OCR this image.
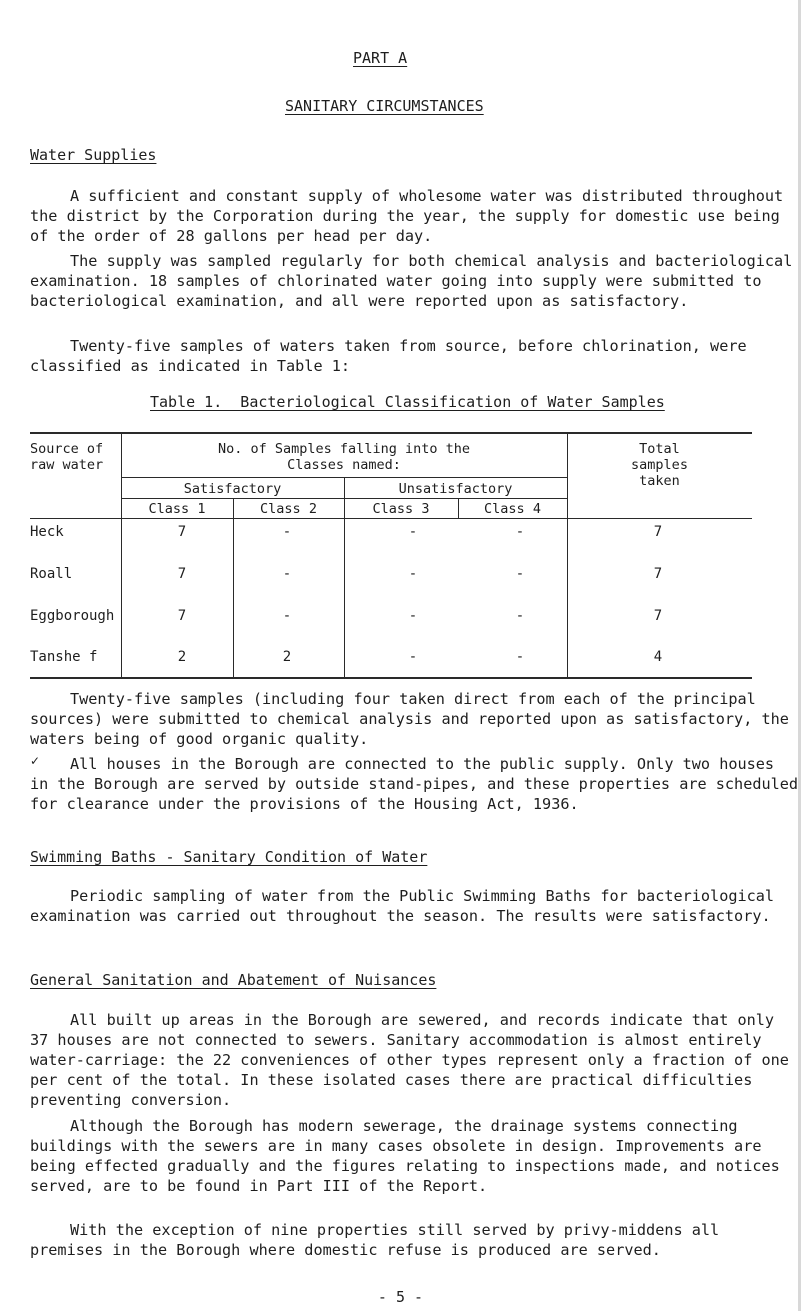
PART A
SANITARY CIRCUMSTANCES
Water Supplies

A sufficient and constant supply of wholesome water was distributed throughout the district by the Corporation during the year, the supply for domestic use being of the order of 28 gallons per head per day.

The supply was sampled regularly for both chemical analysis and bacteriological examination. 18 samples of chlorinated water going into supply were submitted to bacteriological examination, and all were reported upon as satisfactory.

Twenty-five samples of waters taken from source, before chlorination, were classified as indicated in Table 1:

Table 1.  Bacteriological Classification of Water Samples
Source of
raw water
No. of Samples falling into the
Classes named:
Satisfactory	Unsatisfactory
Total
samples
taken
Class 1	Class 2	Class 3	Class 4
Heck	7	-	-	-	7
Roall	7	-	-	-	7
Eggborough	7	-	-	-	7
Tanshe f	2	2	-	-	4

Twenty-five samples (including four taken direct from each of the principal sources) were submitted to chemical analysis and reported upon as satisfactory, the waters being of good organic quality.

✓	All houses in the Borough are connected to the public supply. Only two houses in the Borough are served by outside stand-pipes, and these properties are scheduled for clearance under the provisions of the Housing Act, 1936.

Swimming Baths - Sanitary Condition of Water

Periodic sampling of water from the Public Swimming Baths for bacteriological examination was carried out throughout the season. The results were satisfactory.

General Sanitation and Abatement of Nuisances

All built up areas in the Borough are sewered, and records indicate that only 37 houses are not connected to sewers. Sanitary accommodation is almost entirely water-carriage: the 22 conveniences of other types represent only a fraction of one per cent of the total. In these isolated cases there are practical difficulties preventing conversion.

Although the Borough has modern sewerage, the drainage systems connecting buildings with the sewers are in many cases obsolete in design. Improvements are being effected gradually and the figures relating to inspections made, and notices served, are to be found in Part III of the Report.

With the exception of nine properties still served by privy-middens all premises in the Borough where domestic refuse is produced are served.

- 5 -
